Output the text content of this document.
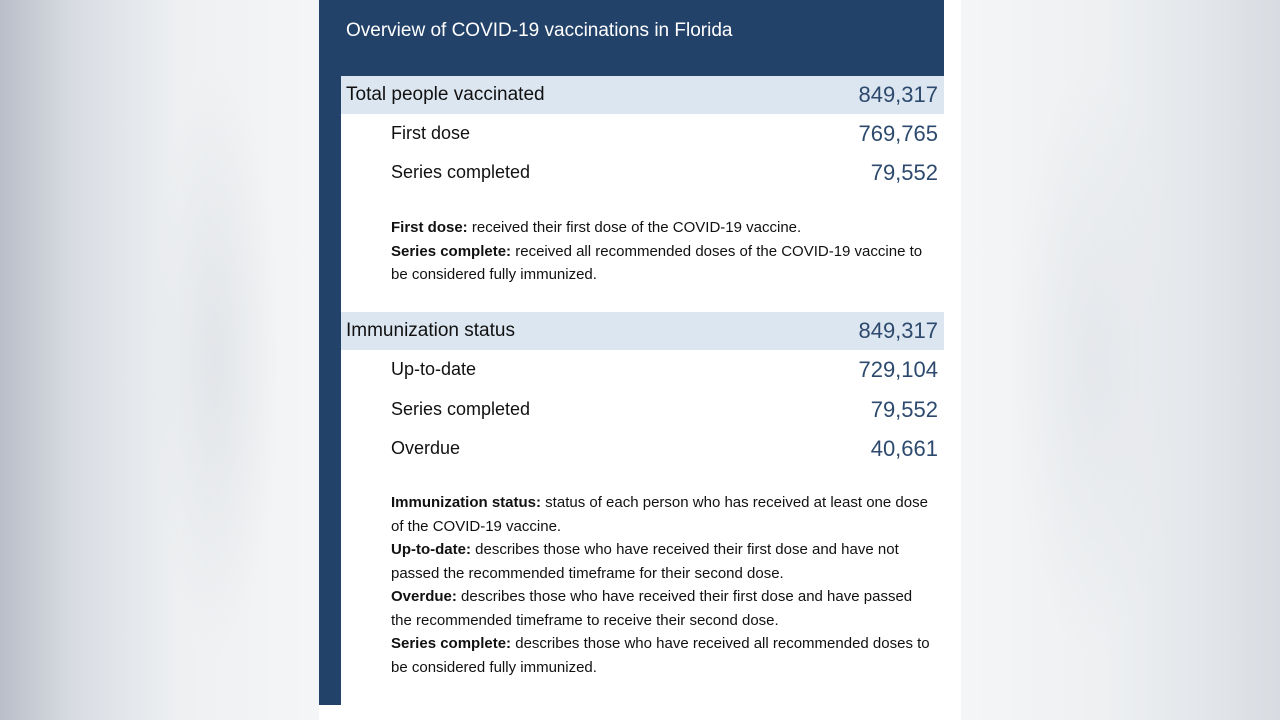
Overview of COVID-19 vaccinations in Florida
Total people vaccinated	849,317
First dose	769,765
Series completed	79,552

First dose: received their first dose of the COVID-19 vaccine.

Series complete: received all recommended doses of the COVID-19 vaccine to be considered fully immunized.

Immunization status	849,317
Up-to-date	729,104
Series completed	79,552
Overdue	40,661

Immunization status: status of each person who has received at least one dose of the COVID-19 vaccine.

Up-to-date: describes those who have received their first dose and have not passed the recommended timeframe for their second dose.

Overdue: describes those who have received their first dose and have passed the recommended timeframe to receive their second dose.

Series complete: describes those who have received all recommended doses to be considered fully immunized.
